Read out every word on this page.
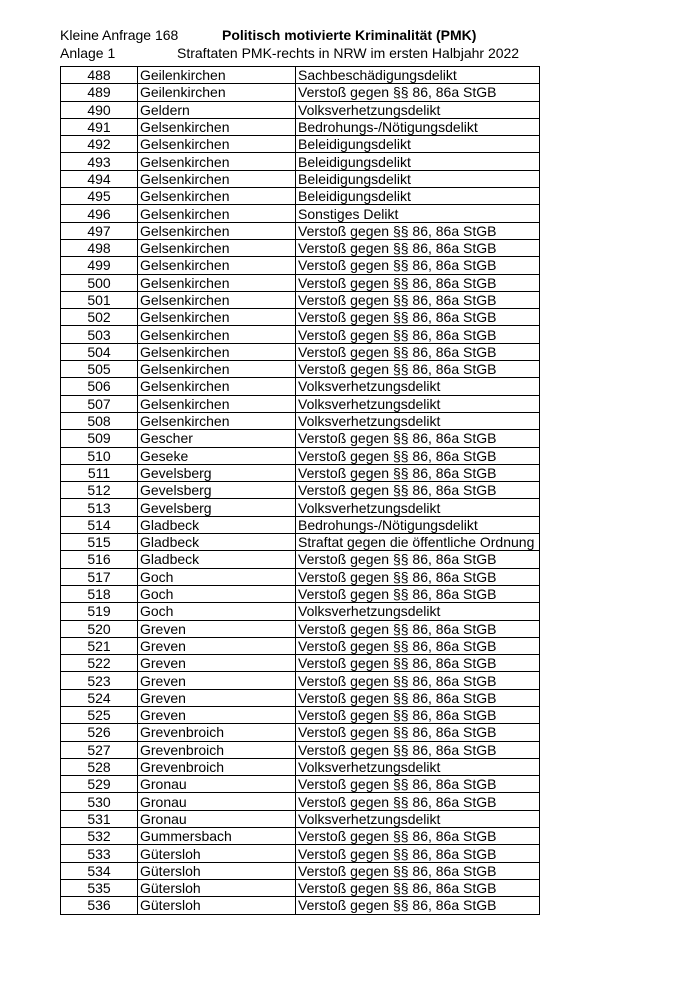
Kleine Anfrage 168
Anlage 1
Politisch motivierte Kriminalität (PMK)
Straftaten PMK-rechts in NRW im ersten Halbjahr 2022
488	Geilenkirchen	Sachbeschädigungsdelikt
489	Geilenkirchen	Verstoß gegen §§ 86, 86a StGB
490	Geldern	Volksverhetzungsdelikt
491	Gelsenkirchen	Bedrohungs-/Nötigungsdelikt
492	Gelsenkirchen	Beleidigungsdelikt
493	Gelsenkirchen	Beleidigungsdelikt
494	Gelsenkirchen	Beleidigungsdelikt
495	Gelsenkirchen	Beleidigungsdelikt
496	Gelsenkirchen	Sonstiges Delikt
497	Gelsenkirchen	Verstoß gegen §§ 86, 86a StGB
498	Gelsenkirchen	Verstoß gegen §§ 86, 86a StGB
499	Gelsenkirchen	Verstoß gegen §§ 86, 86a StGB
500	Gelsenkirchen	Verstoß gegen §§ 86, 86a StGB
501	Gelsenkirchen	Verstoß gegen §§ 86, 86a StGB
502	Gelsenkirchen	Verstoß gegen §§ 86, 86a StGB
503	Gelsenkirchen	Verstoß gegen §§ 86, 86a StGB
504	Gelsenkirchen	Verstoß gegen §§ 86, 86a StGB
505	Gelsenkirchen	Verstoß gegen §§ 86, 86a StGB
506	Gelsenkirchen	Volksverhetzungsdelikt
507	Gelsenkirchen	Volksverhetzungsdelikt
508	Gelsenkirchen	Volksverhetzungsdelikt
509	Gescher	Verstoß gegen §§ 86, 86a StGB
510	Geseke	Verstoß gegen §§ 86, 86a StGB
511	Gevelsberg	Verstoß gegen §§ 86, 86a StGB
512	Gevelsberg	Verstoß gegen §§ 86, 86a StGB
513	Gevelsberg	Volksverhetzungsdelikt
514	Gladbeck	Bedrohungs-/Nötigungsdelikt
515	Gladbeck	Straftat gegen die öffentliche Ordnung
516	Gladbeck	Verstoß gegen §§ 86, 86a StGB
517	Goch	Verstoß gegen §§ 86, 86a StGB
518	Goch	Verstoß gegen §§ 86, 86a StGB
519	Goch	Volksverhetzungsdelikt
520	Greven	Verstoß gegen §§ 86, 86a StGB
521	Greven	Verstoß gegen §§ 86, 86a StGB
522	Greven	Verstoß gegen §§ 86, 86a StGB
523	Greven	Verstoß gegen §§ 86, 86a StGB
524	Greven	Verstoß gegen §§ 86, 86a StGB
525	Greven	Verstoß gegen §§ 86, 86a StGB
526	Grevenbroich	Verstoß gegen §§ 86, 86a StGB
527	Grevenbroich	Verstoß gegen §§ 86, 86a StGB
528	Grevenbroich	Volksverhetzungsdelikt
529	Gronau	Verstoß gegen §§ 86, 86a StGB
530	Gronau	Verstoß gegen §§ 86, 86a StGB
531	Gronau	Volksverhetzungsdelikt
532	Gummersbach	Verstoß gegen §§ 86, 86a StGB
533	Gütersloh	Verstoß gegen §§ 86, 86a StGB
534	Gütersloh	Verstoß gegen §§ 86, 86a StGB
535	Gütersloh	Verstoß gegen §§ 86, 86a StGB
536	Gütersloh	Verstoß gegen §§ 86, 86a StGB
